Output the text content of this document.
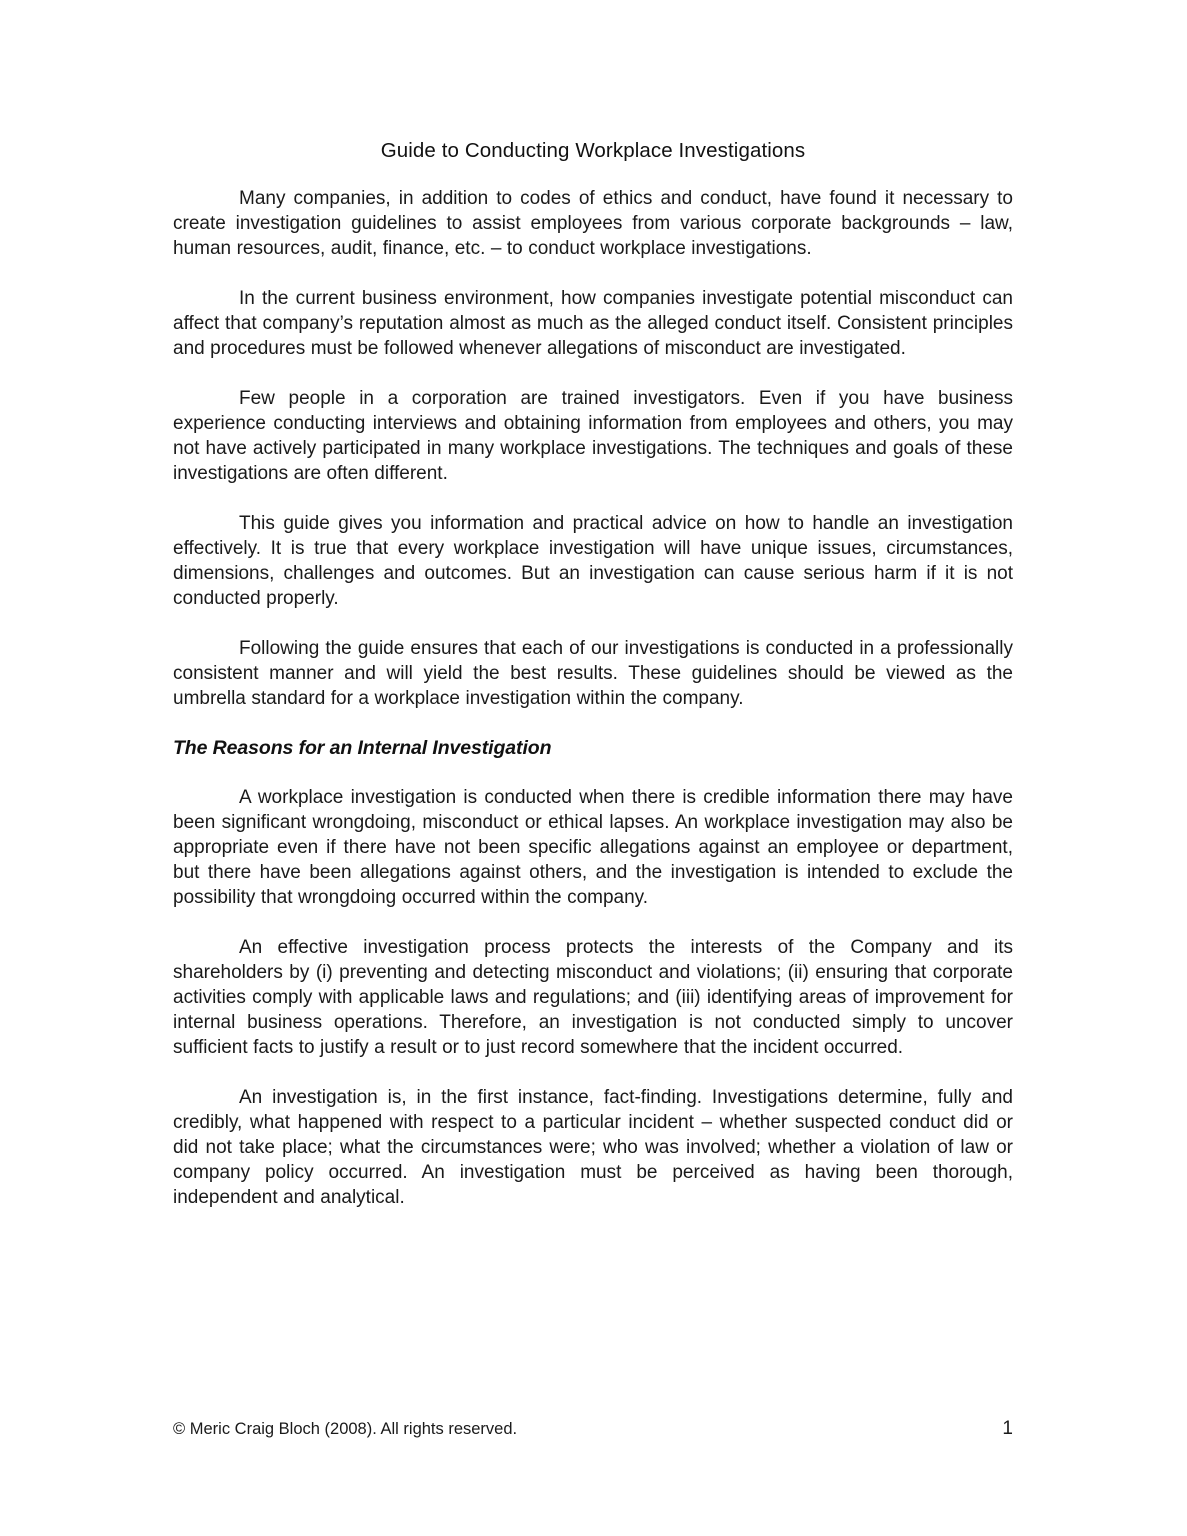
Guide to Conducting Workplace Investigations

Many companies, in addition to codes of ethics and conduct, have found it necessary to create investigation guidelines to assist employees from various corporate backgrounds – law, human resources, audit, finance, etc. – to conduct workplace investigations.

In the current business environment, how companies investigate potential misconduct can affect that company’s reputation almost as much as the alleged conduct itself. Consistent principles and procedures must be followed whenever allegations of misconduct are investigated.

Few people in a corporation are trained investigators. Even if you have business experience conducting interviews and obtaining information from employees and others, you may not have actively participated in many workplace investigations. The techniques and goals of these investigations are often different.

This guide gives you information and practical advice on how to handle an investigation effectively. It is true that every workplace investigation will have unique issues, circumstances, dimensions, challenges and outcomes. But an investigation can cause serious harm if it is not conducted properly.

Following the guide ensures that each of our investigations is conducted in a professionally consistent manner and will yield the best results. These guidelines should be viewed as the umbrella standard for a workplace investigation within the company.

The Reasons for an Internal Investigation

A workplace investigation is conducted when there is credible information there may have been significant wrongdoing, misconduct or ethical lapses. An workplace investigation may also be appropriate even if there have not been specific allegations against an employee or department, but there have been allegations against others, and the investigation is intended to exclude the possibility that wrongdoing occurred within the company.

An effective investigation process protects the interests of the Company and its shareholders by (i) preventing and detecting misconduct and violations; (ii) ensuring that corporate activities comply with applicable laws and regulations; and (iii) identifying areas of improvement for internal business operations. Therefore, an investigation is not conducted simply to uncover sufficient facts to justify a result or to just record somewhere that the incident occurred.

An investigation is, in the first instance, fact-finding. Investigations determine, fully and credibly, what happened with respect to a particular incident – whether suspected conduct did or did not take place; what the circumstances were; who was involved; whether a violation of law or company policy occurred. An investigation must be perceived as having been thorough, independent and analytical.

© Meric Craig Bloch (2008). All rights reserved.	1
